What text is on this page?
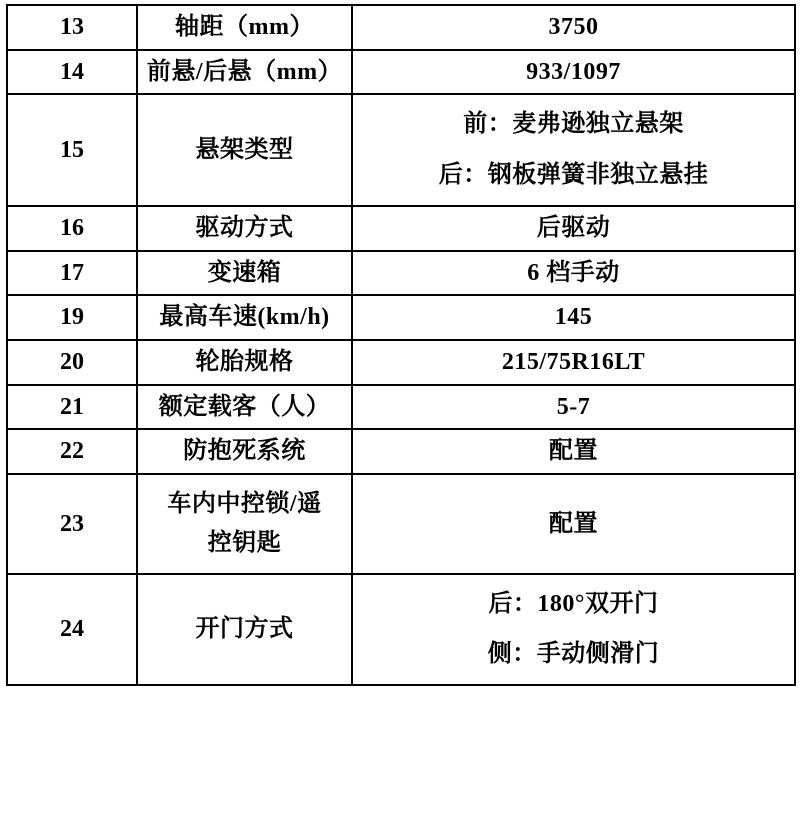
13	轴距（mm）	3750

14	前悬/后悬（mm）	933/1097

15	悬架类型	前：麦弗逊独立悬架
后：钢板弹簧非独立悬挂

16	驱动方式	后驱动

17	变速箱	6 档手动

19	最高车速(km/h)	145

20	轮胎规格	215/75R16LT

21	额定载客（人）	5-7

22	防抱死系统	配置

23	车内中控锁/遥
控钥匙	配置

24	开门方式	后：180°双开门
侧：手动侧滑门
